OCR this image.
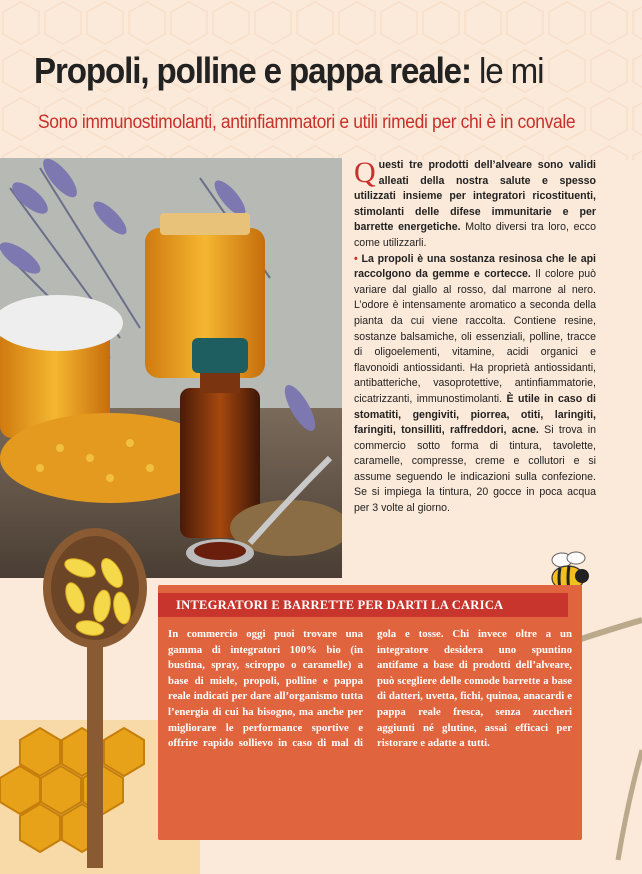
Propoli, polline e pappa reale: le mi
Sono immunostimolanti, antinfiammatori e utili rimedi per chi è in convale

Questi tre prodotti dell’alveare sono validi alleati della nostra salute e spesso utilizzati insieme per integratori ricostituenti, stimolanti delle difese immunitarie e per barrette energetiche. Molto diversi tra loro, ecco come utilizzarli.

• La propoli è una sostanza resinosa che le api raccolgono da gemme e cortecce. Il colore può variare dal giallo al rosso, dal marrone al nero. L’odore è intensamente aromatico a seconda della pianta da cui viene raccolta. Contiene resine, sostanze balsamiche, oli essenziali, polline, tracce di oligoelementi, vitamine, acidi organici e flavonoidi antiossidanti. Ha proprietà antiossidanti, antibatteriche, vasoprotettive, antinfiammatorie, cicatrizzanti, immunostimolanti. È utile in caso di stomatiti, gengiviti, piorrea, otiti, laringiti, faringiti, tonsilliti, raffreddori, acne. Si trova in commercio sotto forma di tintura, tavolette, caramelle, compresse, creme e collutori e si assume seguendo le indicazioni sulla confezione. Se si impiega la tintura, 20 gocce in poca acqua per 3 volte al giorno.

INTEGRATORI E BARRETTE PER DARTI LA CARICA
In commercio oggi puoi trovare una gamma di integratori 100% bio (in bustina, spray, sciroppo o caramelle) a base di miele, propoli, polline e pappa reale indicati per dare all’organismo tutta l’energia di cui ha bisogno, ma anche per migliorare le performance sportive e offrire rapido sollievo in caso di mal di gola e tosse. Chi invece oltre a un integratore desidera uno spuntino antifame a base di prodotti dell’alveare, può scegliere delle comode barrette a base di datteri, uvetta, fichi, quinoa, anacardi e pappa reale fresca, senza zuccheri aggiunti né glutine, assai efficaci per ristorare e adatte a tutti.
